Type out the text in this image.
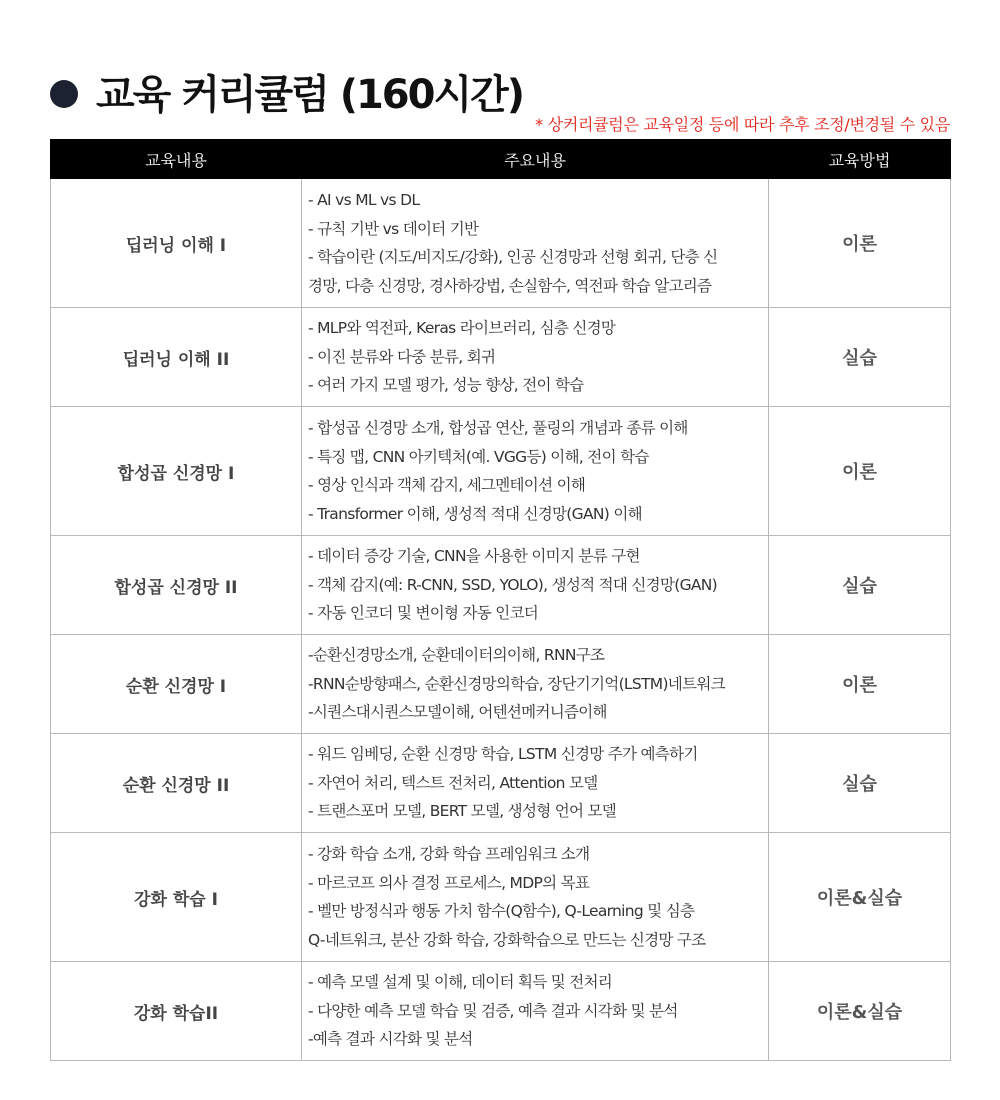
교육 커리큘럼 (160시간)
* 상커리큘럼은 교육일정 등에 따라 추후 조정/변경될 수 있음
교육내용	주요내용	교육방법
딥러닝 이해 I	- AI vs ML vs DL
- 규칙 기반 vs 데이터 기반
- 학습이란 (지도/비지도/강화), 인공 신경망과 선형 회귀, 단층 신
경망, 다층 신경망, 경사하강법, 손실함수, 역전파 학습 알고리즘	이론
딥러닝 이해 II	- MLP와 역전파, Keras 라이브러리, 심층 신경망
- 이진 분류와 다중 분류, 회귀
- 여러 가지 모델 평가, 성능 향상, 전이 학습	실습
합성곱 신경망 I	- 합성곱 신경망 소개, 합성곱 연산, 풀링의 개념과 종류 이해
- 특징 맵, CNN 아키텍처(예. VGG등) 이해, 전이 학습
- 영상 인식과 객체 감지, 세그멘테이션 이해
- Transformer 이해, 생성적 적대 신경망(GAN) 이해	이론
합성곱 신경망 II	- 데이터 증강 기술, CNN을 사용한 이미지 분류 구현
- 객체 감지(예: R-CNN, SSD, YOLO), 생성적 적대 신경망(GAN)
- 자동 인코더 및 변이형 자동 인코더	실습
순환 신경망 I	-순환신경망소개, 순환데이터의이해, RNN구조
-RNN순방향패스, 순환신경망의학습, 장단기기억(LSTM)네트워크
-시퀀스대시퀀스모델이해, 어텐션메커니즘이해	이론
순환 신경망 II	- 워드 임베딩, 순환 신경망 학습, LSTM 신경망 주가 예측하기
- 자연어 처리, 텍스트 전처리, Attention 모델
- 트랜스포머 모델, BERT 모델, 생성형 언어 모델	실습
강화 학습 I	- 강화 학습 소개, 강화 학습 프레임워크 소개
- 마르코프 의사 결정 프로세스, MDP의 목표
- 벨만 방정식과 행동 가치 함수(Q함수), Q-Learning 및 심층
Q-네트워크, 분산 강화 학습, 강화학습으로 만드는 신경망 구조	이론&실습
강화 학습II	- 예측 모델 설계 및 이해, 데이터 획득 및 전처리
- 다양한 예측 모델 학습 및 검증, 예측 결과 시각화 및 분석
-예측 결과 시각화 및 분석	이론&실습
